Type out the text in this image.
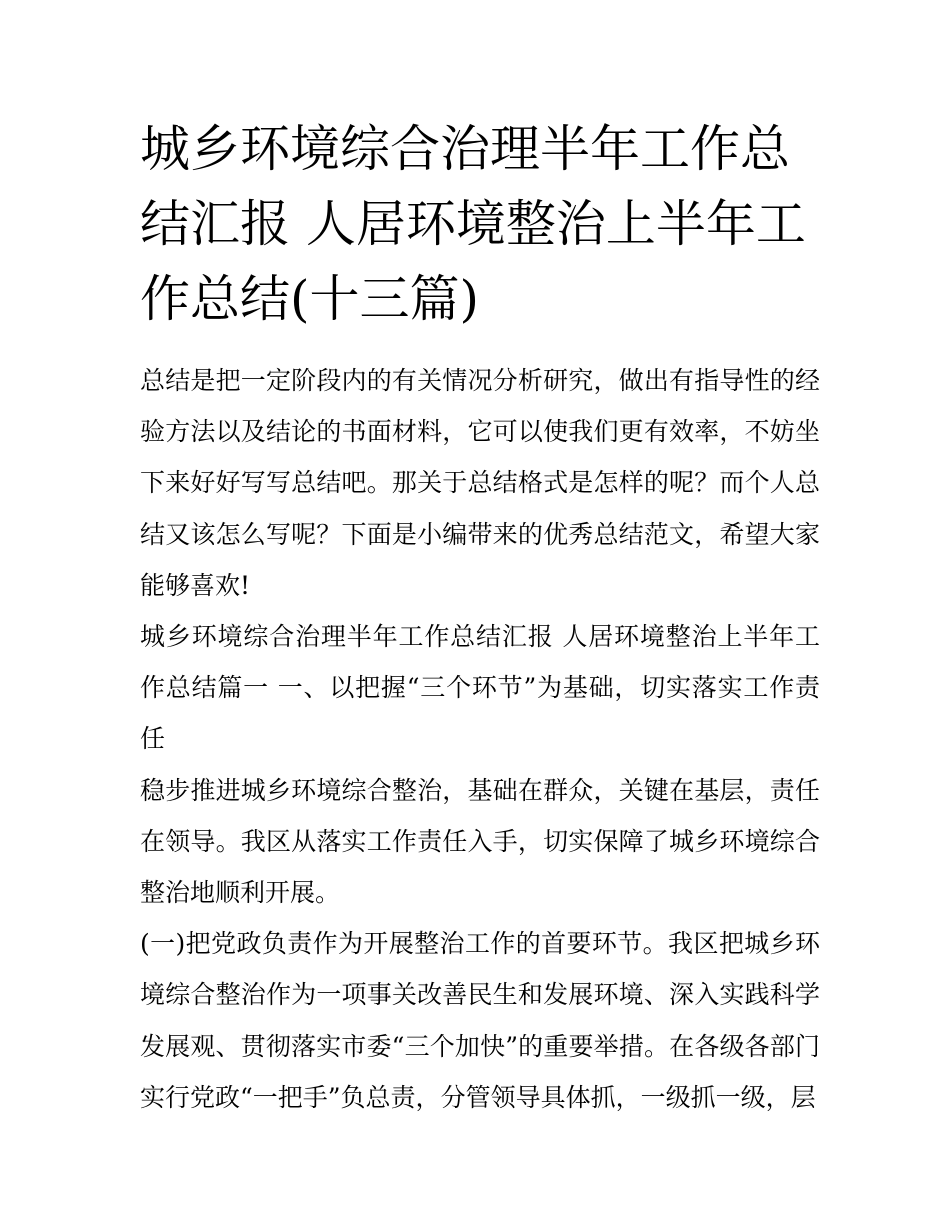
城乡环境综合治理半年工作总结汇报 人居环境整治上半年工作总结(十三篇)

总结是把一定阶段内的有关情况分析研究，做出有指导性的经验方法以及结论的书面材料，它可以使我们更有效率，不妨坐下来好好写写总结吧。那关于总结格式是怎样的呢？而个人总结又该怎么写呢？下面是小编带来的优秀总结范文，希望大家能够喜欢!

城乡环境综合治理半年工作总结汇报 人居环境整治上半年工作总结篇一 一、以把握“三个环节”为基础，切实落实工作责任

稳步推进城乡环境综合整治，基础在群众，关键在基层，责任在领导。我区从落实工作责任入手，切实保障了城乡环境综合整治地顺利开展。

(一)把党政负责作为开展整治工作的首要环节。我区把城乡环境综合整治作为一项事关改善民生和发展环境、深入实践科学发展观、贯彻落实市委“三个加快”的重要举措。在各级各部门实行党政“一把手”负总责，分管领导具体抓，一级抓一级，层
